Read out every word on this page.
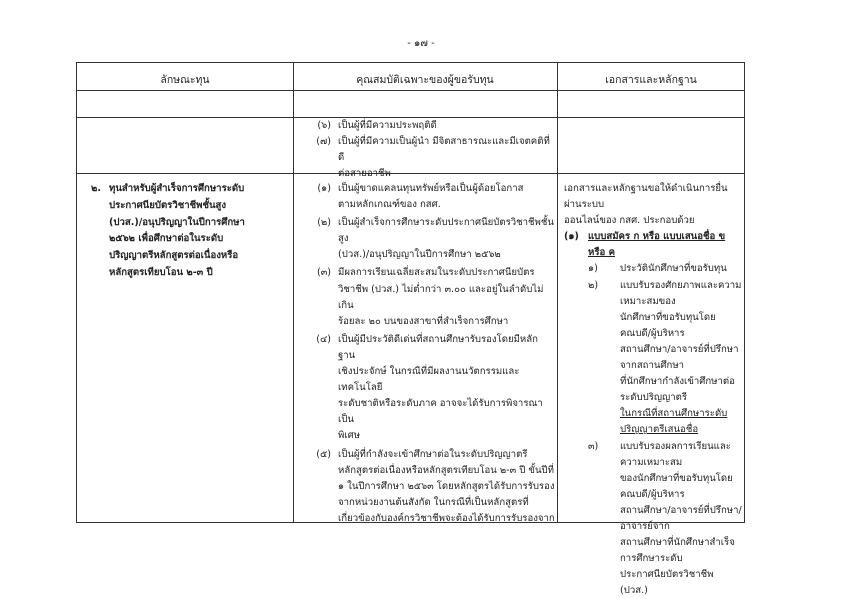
- ๑๗ -
ลักษณะทุน	คุณสมบัติเฉพาะของผู้ขอรับทุน	เอกสารและหลักฐาน
(๖) เป็นผู้ที่มีความประพฤติดี
(๗) เป็นผู้ที่มีความเป็นผู้นำ มีจิตสาธารณะและมีเจตคติที่ดี
ต่อสายอาชีพ
๒. ทุนสำหรับผู้สำเร็จการศึกษาระดับ
ประกาศนียบัตรวิชาชีพชั้นสูง
(ปวส.)/อนุปริญญาในปีการศึกษา
๒๕๖๒ เพื่อศึกษาต่อในระดับ
ปริญญาตรีหลักสูตรต่อเนื่องหรือ
หลักสูตรเทียบโอน ๒-๓ ปี
(๑) เป็นผู้ขาดแคลนทุนทรัพย์หรือเป็นผู้ด้อยโอกาส
ตามหลักเกณฑ์ของ กสศ.
(๒) เป็นผู้สำเร็จการศึกษาระดับประกาศนียบัตรวิชาชีพชั้นสูง
(ปวส.)/อนุปริญญาในปีการศึกษา ๒๕๖๒
(๓) มีผลการเรียนเฉลี่ยสะสมในระดับประกาศนียบัตร
วิชาชีพ (ปวส.) ไม่ต่ำกว่า ๓.๐๐ และอยู่ในลำดับไม่เกิน
ร้อยละ ๒๐ บนของสาขาที่สำเร็จการศึกษา
(๔) เป็นผู้มีประวัติดีเด่นที่สถานศึกษารับรองโดยมีหลักฐาน
เชิงประจักษ์ ในกรณีที่มีผลงานนวัตกรรมและเทคโนโลยี
ระดับชาติหรือระดับภาค อาจจะได้รับการพิจารณาเป็น
พิเศษ
(๕) เป็นผู้ที่กำลังจะเข้าศึกษาต่อในระดับปริญญาตรี
หลักสูตรต่อเนื่องหรือหลักสูตรเทียบโอน ๒-๓ ปี ขั้นปีที่
๑ ในปีการศึกษา ๒๕๖๓ โดยหลักสูตรได้รับการรับรอง
จากหน่วยงานต้นสังกัด ในกรณีที่เป็นหลักสูตรที่
เกี่ยวข้องกับองค์กรวิชาชีพจะต้องได้รับการรับรองจาก
เอกสารและหลักฐานขอให้ดำเนินการยื่นผ่านระบบ
ออนไลน์ของ กสศ. ประกอบด้วย
(๑) แบบสมัคร ก หรือ แบบเสนอชื่อ ข หรือ ค
๑) ประวัตินักศึกษาที่ขอรับทุน
๒) แบบรับรองศักยภาพและความเหมาะสมของ
นักศึกษาที่ขอรับทุนโดยคณบดี/ผู้บริหาร
สถานศึกษา/อาจารย์ที่ปรึกษาจากสถานศึกษา
ที่นักศึกษากำลังเข้าศึกษาต่อระดับปริญญาตรี
ในกรณีที่สถานศึกษาระดับปริญญาตรีเสนอชื่อ
๓) แบบรับรองผลการเรียนและความเหมาะสม
ของนักศึกษาที่ขอรับทุนโดยคณบดี/ผู้บริหาร
สถานศึกษา/อาจารย์ที่ปรึกษา/อาจารย์จาก
สถานศึกษาที่นักศึกษาสำเร็จการศึกษาระดับ
ประกาศนียบัตรวิชาชีพ (ปวส.)
